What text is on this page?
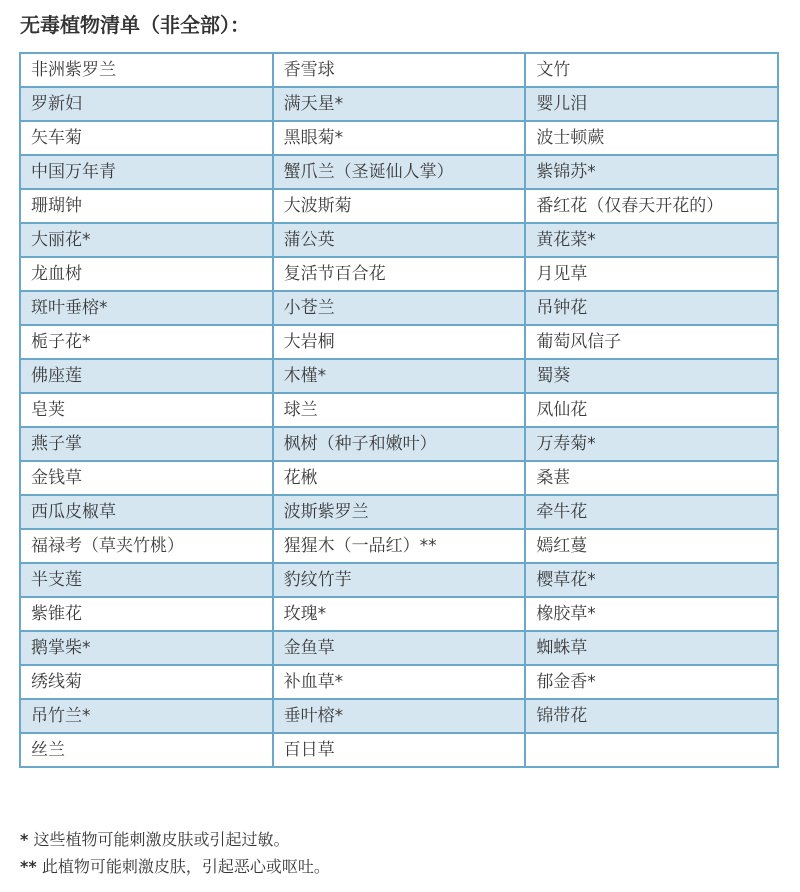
无毒植物清单（非全部）：
非洲紫罗兰	香雪球	文竹
罗新妇	满天星*	婴儿泪
矢车菊	黑眼菊*	波士顿蕨
中国万年青	蟹爪兰（圣诞仙人掌）	紫锦苏*
珊瑚钟	大波斯菊	番红花（仅春天开花的）
大丽花*	蒲公英	黄花菜*
龙血树	复活节百合花	月见草
斑叶垂榕*	小苍兰	吊钟花
栀子花*	大岩桐	葡萄风信子
佛座莲	木槿*	蜀葵
皂荚	球兰	凤仙花
燕子掌	枫树（种子和嫩叶）	万寿菊*
金钱草	花楸	桑葚
西瓜皮椒草	波斯紫罗兰	牵牛花
福禄考（草夹竹桃）	猩猩木（一品红）**	嫣红蔓
半支莲	豹纹竹芋	樱草花*
紫锥花	玫瑰*	橡胶草*
鹅掌柴*	金鱼草	蜘蛛草
绣线菊	补血草*	郁金香*
吊竹兰*	垂叶榕*	锦带花
丝兰	百日草	
* 这些植物可能刺激皮肤或引起过敏。
** 此植物可能刺激皮肤，引起恶心或呕吐。
